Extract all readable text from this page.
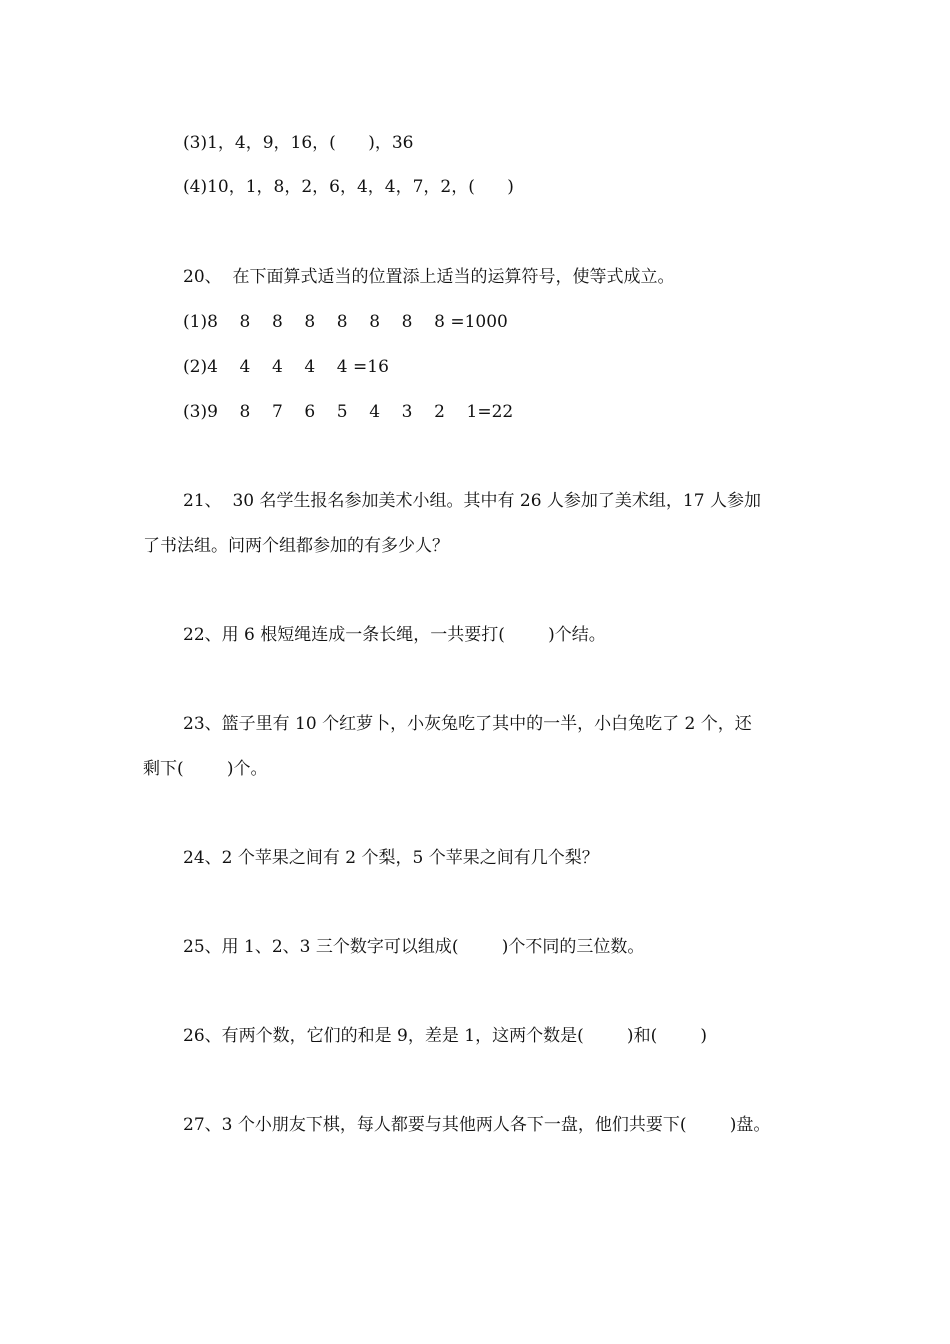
(3)1，4，9，16，(      )，36

(4)10，1，8，2，6，4，4，7，2，(      )

20、  在下面算式适当的位置添上适当的运算符号，使等式成立。

(1)8    8    8    8    8    8    8    8 =1000

(2)4    4    4    4    4 =16

(3)9    8    7    6    5    4    3    2    1=22

21、  30 名学生报名参加美术小组。其中有 26 人参加了美术组，17 人参加

了书法组。问两个组都参加的有多少人？

22、用 6 根短绳连成一条长绳，一共要打(        )个结。

23、篮子里有 10 个红萝卜，小灰兔吃了其中的一半，小白兔吃了 2 个，还

剩下(        )个。

24、2 个苹果之间有 2 个梨，5 个苹果之间有几个梨？

25、用 1、2、3 三个数字可以组成(        )个不同的三位数。

26、有两个数，它们的和是 9，差是 1，这两个数是(        )和(        )

27、3 个小朋友下棋，每人都要与其他两人各下一盘，他们共要下(        )盘。
